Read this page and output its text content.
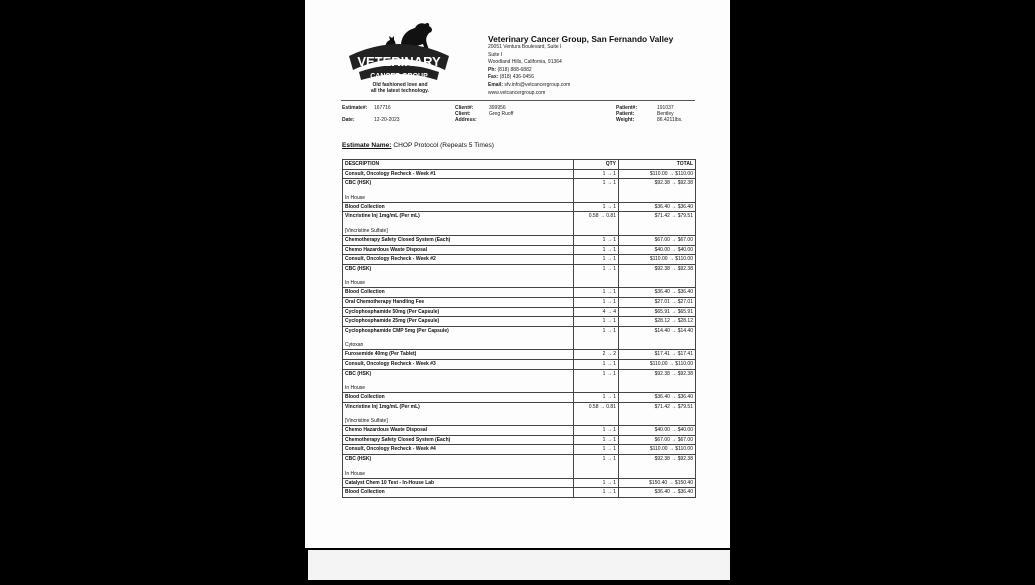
VETERINARY
CANCER GROUP
Old fashioned love and
all the latest technology.
Veterinary Cancer Group, San Fernando Valley
20051 Ventura Boulevard, Suite I
Suite I
Woodland Hills, California, 91364
Ph: (818) 888-6882
Fax: (818) 436-0456
Email: sfv.info@vetcancergroup.com
www.vetcancergroup.com
Estimate#: 167716
Date:	12-20-2023
Client#:	399956
Client:	Greg Ruoff
Address:
Patient#:	191037
Patient:	Bentley
Weight:	86.4211lbs.
Estimate Name: CHOP Protocol (Repeats 5 Times)
DESCRIPTION	QTY	TOTAL
Consult, Oncology Recheck - Week #1	1 → 1	$110.00 → $110.00
CBC (HSK)
In House	1 → 1	$92.38 → $92.38
Blood Collection	1 → 1	$36.40 → $36.40
Vincristine Inj 1mg/mL (Per mL)
[Vincristine Sulfate]	0.58 → 0.81	$71.42 → $79.51
Chemotherapy Safety Closed System (Each)	1 → 1	$67.00 → $67.00
Chemo Hazardous Waste Disposal	1 → 1	$40.00 → $40.00
Consult, Oncology Recheck - Week #2	1 → 1	$110.00 → $110.00
CBC (HSK)
In House	1 → 1	$92.38 → $92.38
Blood Collection	1 → 1	$36.40 → $36.40
Oral Chemotherapy Handling Fee	1 → 1	$27.01 → $27.01
Cyclophosphamide 50mg (Per Capsule)	4 → 4	$65.91 → $65.91
Cyclophosphamide 25mg (Per Capsule)	1 → 1	$28.12 → $28.12
Cyclophosphamide CMP 5mg (Per Capsule)
Cytoxan	1 → 1	$14.40 → $14.40
Furosemide 40mg (Per Tablet)	2 → 2	$17.41 → $17.41
Consult, Oncology Recheck - Week #3	1 → 1	$110.00 → $110.00
CBC (HSK)
In House	1 → 1	$92.38 → $92.38
Blood Collection	1 → 1	$36.40 → $36.40
Vincristine Inj 1mg/mL (Per mL)
[Vincristine Sulfate]	0.58 → 0.81	$71.42 → $79.51
Chemo Hazardous Waste Disposal	1 → 1	$40.00 → $40.00
Chemotherapy Safety Closed System (Each)	1 → 1	$67.00 → $67.00
Consult, Oncology Recheck - Week #4	1 → 1	$110.00 → $110.00
CBC (HSK)
In House	1 → 1	$92.38 → $92.38
Catalyst Chem 10 Test - In-House Lab	1 → 1	$150.40 → $150.40
Blood Collection	1 → 1	$36.40 → $36.40
